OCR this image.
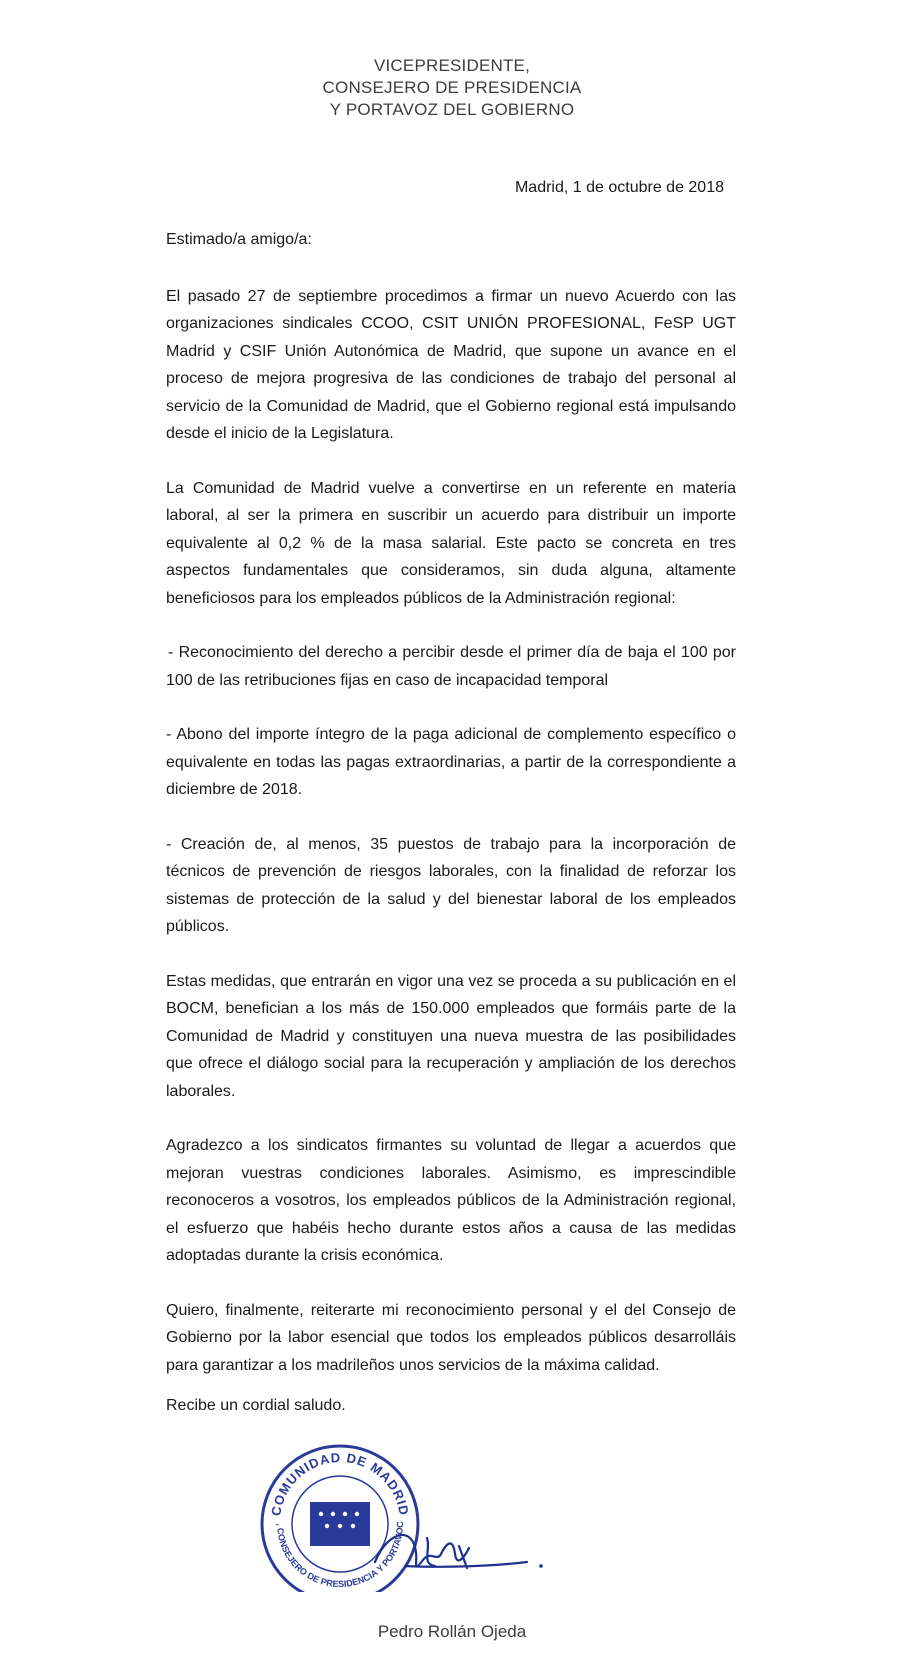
VICEPRESIDENTE,
CONSEJERO DE PRESIDENCIA
Y PORTAVOZ DEL GOBIERNO
Madrid, 1 de octubre de 2018

Estimado/a amigo/a:

El pasado 27 de septiembre procedimos a firmar un nuevo Acuerdo con las organizaciones sindicales CCOO, CSIT UNIÓN PROFESIONAL, FeSP UGT Madrid y CSIF Unión Autonómica de Madrid, que supone un avance en el proceso de mejora progresiva de las condiciones de trabajo del personal al servicio de la Comunidad de Madrid, que el Gobierno regional está impulsando desde el inicio de la Legislatura.

La Comunidad de Madrid vuelve a convertirse en un referente en materia laboral, al ser la primera en suscribir un acuerdo para distribuir un importe equivalente al 0,2 % de la masa salarial. Este pacto se concreta en tres aspectos fundamentales que consideramos, sin duda alguna, altamente beneficiosos para los empleados públicos de la Administración regional:

- Reconocimiento del derecho a percibir desde el primer día de baja el 100 por 100 de las retribuciones fijas en caso de incapacidad temporal

- Abono del importe íntegro de la paga adicional de complemento específico o equivalente en todas las pagas extraordinarias, a partir de la correspondiente a diciembre de 2018.

- Creación de, al menos, 35 puestos de trabajo para la incorporación de técnicos de prevención de riesgos laborales, con la finalidad de reforzar los sistemas de protección de la salud y del bienestar laboral de los empleados públicos.

Estas medidas, que entrarán en vigor una vez se proceda a su publicación en el BOCM, benefician a los más de 150.000 empleados que formáis parte de la Comunidad de Madrid y constituyen una nueva muestra de las posibilidades que ofrece el diálogo social para la recuperación y ampliación de los derechos laborales.

Agradezco a los sindicatos firmantes su voluntad de llegar a acuerdos que mejoran vuestras condiciones laborales. Asimismo, es imprescindible reconoceros a vosotros, los empleados públicos de la Administración regional, el esfuerzo que habéis hecho durante estos años a causa de las medidas adoptadas durante la crisis económica.

Quiero, finalmente, reiterarte mi reconocimiento personal y el del Consejo de Gobierno por la labor esencial que todos los empleados públicos desarrolláis para garantizar a los madrileños unos servicios de la máxima calidad.

Recibe un cordial saludo.
COMUNIDAD DE MADRID
, CONSEJERO DE PRESIDENCIA Y PORTAVOC
Pedro Rollán Ojeda
